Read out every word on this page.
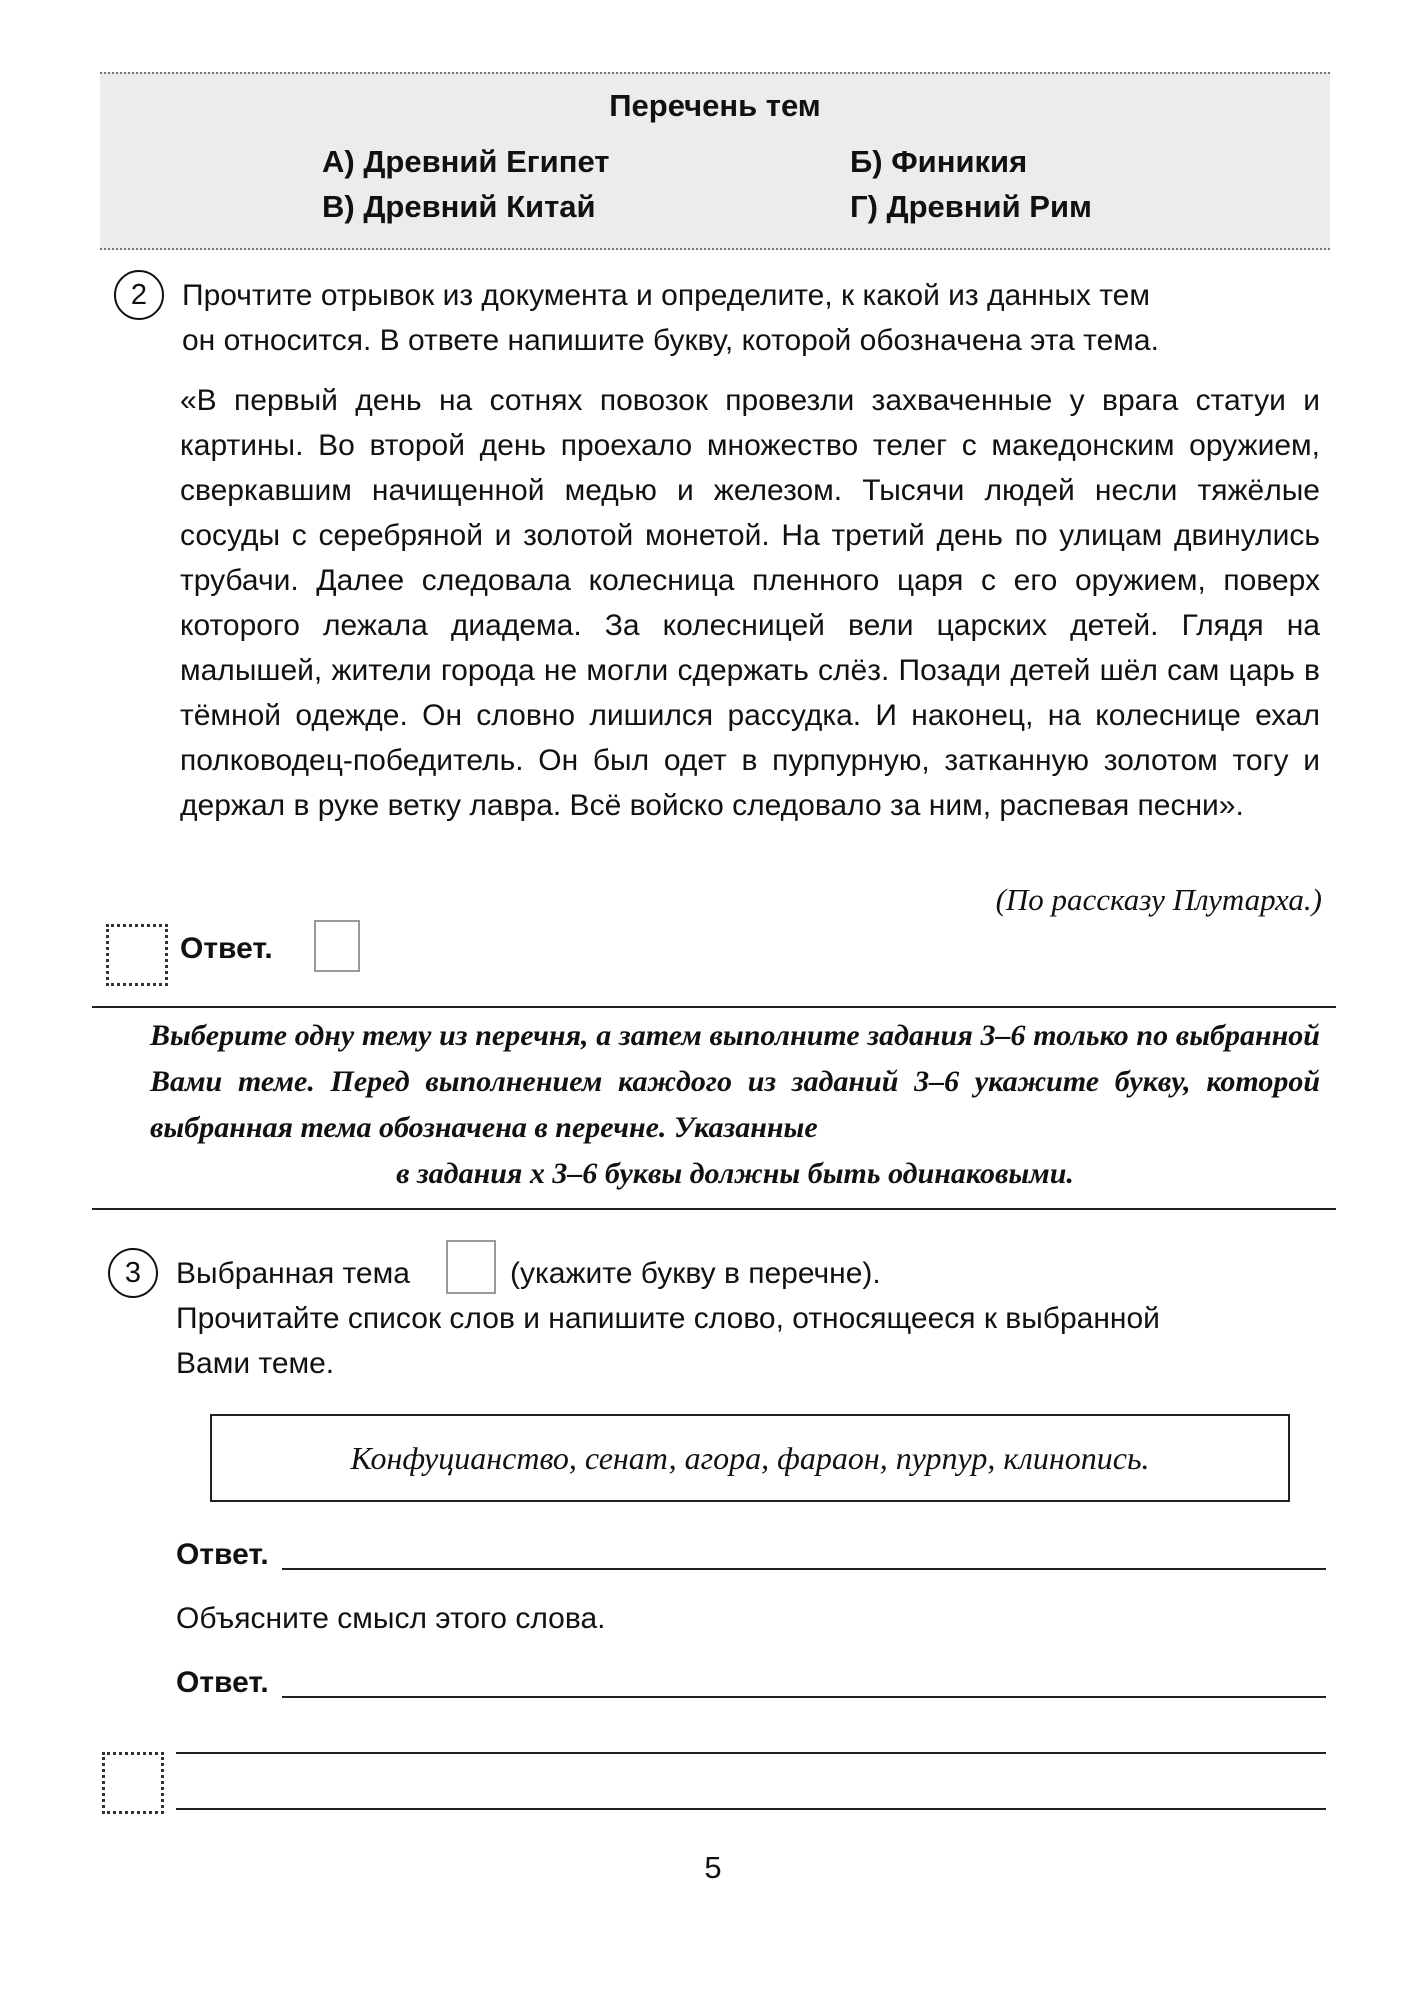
Перечень тем
А) Древний Египет	Б) Финикия
В) Древний Китай	Г) Древний Рим
2	Прочтите отрывок из документа и определите, к какой из данных тем
он относится. В ответе напишите букву, которой обозначена эта тема.
«В первый день на сотнях повозок провезли захваченные у врага статуи и картины. Во второй день проехало множество телег с македонским оружием, сверкавшим начищенной медью и железом. Тысячи людей несли тяжёлые сосуды с серебряной и золотой монетой. На третий день по улицам двинулись трубачи. Далее следовала колесница пленного царя с его оружием, поверх которого лежала диадема. За колесницей вели царских детей. Глядя на малышей, жители города не могли сдержать слёз. Позади детей шёл сам царь в тёмной одежде. Он словно лишился рассудка. И наконец, на колеснице ехал полководец-победитель. Он был одет в пурпурную, затканную золотом тогу и держал в руке ветку лавра. Всё войско следовало за ним, распевая песни».
(По рассказу Плутарха.)
Ответ.
Выберите одну тему из перечня, а затем выполните задания 3–6 только по выбранной Вами теме. Перед выполнением каждого из заданий 3–6 укажите букву, которой выбранная тема обозначена в перечне. Указанные
в задания х 3–6 буквы должны быть одинаковыми.
3	Выбранная тема	(укажите букву в перечне).
Прочитайте список слов и напишите слово, относящееся к выбранной
Вами теме.
Конфуцианство, сенат, агора, фараон, пурпур, клинопись.
Ответ.
Объясните смысл этого слова.
Ответ.
5
